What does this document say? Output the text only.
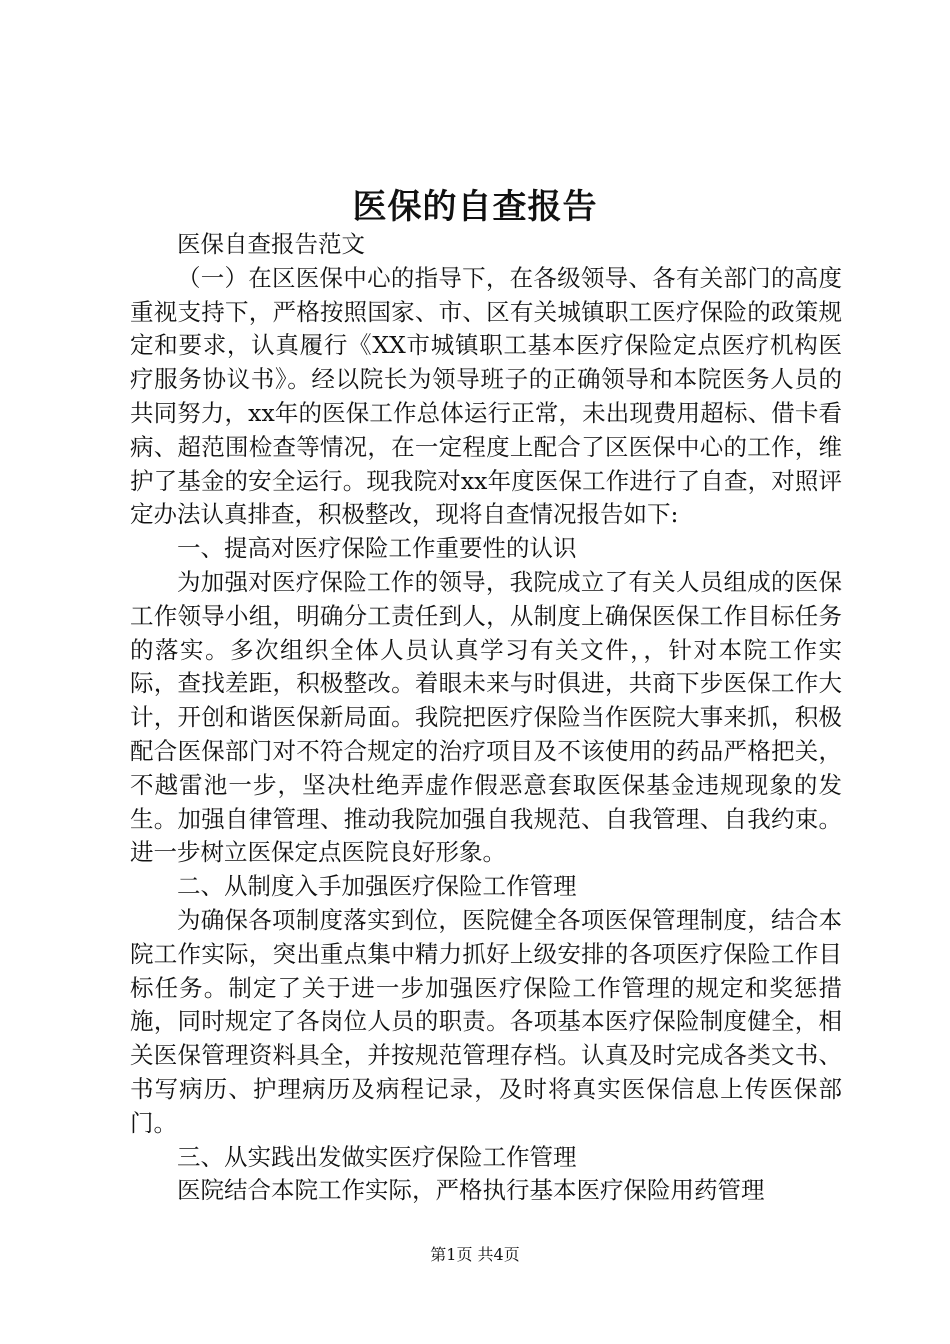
医保的自查报告

医保自查报告范文

（一）在区医保中心的指导下，在各级领导、各有关部门的高度重视支持下，严格按照国家、市、区有关城镇职工医疗保险的政策规定和要求，认真履行《XX市城镇职工基本医疗保险定点医疗机构医疗服务协议书》。经以院长为领导班子的正确领导和本院医务人员的共同努力，xx年的医保工作总体运行正常，未出现费用超标、借卡看病、超范围检查等情况，在一定程度上配合了区医保中心的工作，维护了基金的安全运行。现我院对xx年度医保工作进行了自查，对照评定办法认真排查，积极整改，现将自查情况报告如下:

一、提高对医疗保险工作重要性的认识

为加强对医疗保险工作的领导，我院成立了有关人员组成的医保工作领导小组，明确分工责任到人，从制度上确保医保工作目标任务的落实。多次组织全体人员认真学习有关文件，，针对本院工作实际，查找差距，积极整改。着眼未来与时俱进，共商下步医保工作大计，开创和谐医保新局面。我院把医疗保险当作医院大事来抓，积极配合医保部门对不符合规定的治疗项目及不该使用的药品严格把关，不越雷池一步，坚决杜绝弄虚作假恶意套取医保基金违规现象的发生。加强自律管理、推动我院加强自我规范、自我管理、自我约束。进一步树立医保定点医院良好形象。

二、从制度入手加强医疗保险工作管理

为确保各项制度落实到位，医院健全各项医保管理制度，结合本院工作实际，突出重点集中精力抓好上级安排的各项医疗保险工作目标任务。制定了关于进一步加强医疗保险工作管理的规定和奖惩措施，同时规定了各岗位人员的职责。各项基本医疗保险制度健全，相关医保管理资料具全，并按规范管理存档。认真及时完成各类文书、书写病历、护理病历及病程记录，及时将真实医保信息上传医保部门。

三、从实践出发做实医疗保险工作管理

医院结合本院工作实际，严格执行基本医疗保险用药管理

第1页 共4页
